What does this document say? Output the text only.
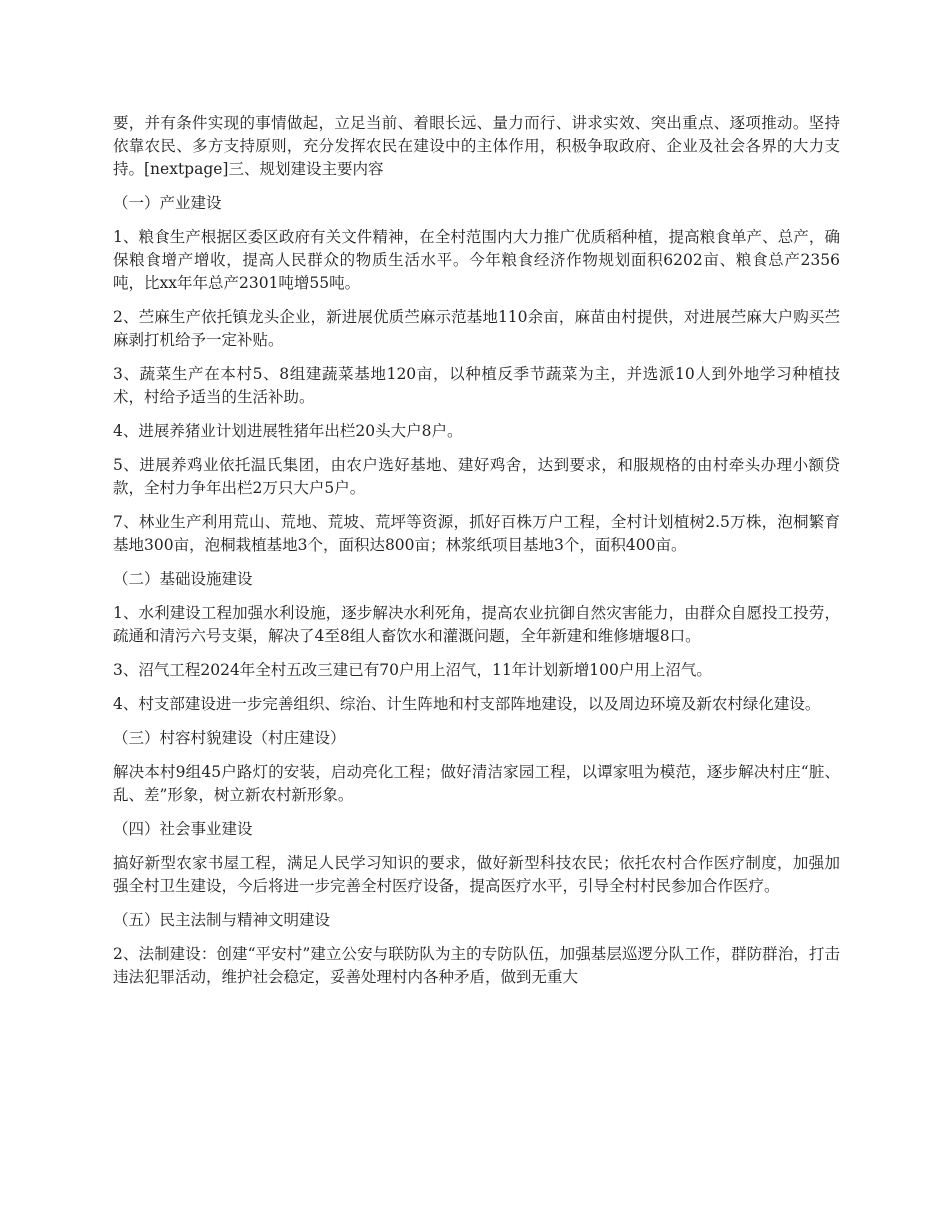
要，并有条件实现的事情做起，立足当前、着眼长远、量力而行、讲求实效、突出重点、逐项推动。坚持依靠农民、多方支持原则，充分发挥农民在建设中的主体作用，积极争取政府、企业及社会各界的大力支持。[nextpage]三、规划建设主要内容

（一）产业建设

1、粮食生产根据区委区政府有关文件精神，在全村范围内大力推广优质稻种植，提高粮食单产、总产，确保粮食增产增收，提高人民群众的物质生活水平。今年粮食经济作物规划面积6202亩、粮食总产2356吨，比xx年年总产2301吨增55吨。

2、苎麻生产依托镇龙头企业，新进展优质苎麻示范基地110余亩，麻苗由村提供，对进展苎麻大户购买苎麻剥打机给予一定补贴。

3、蔬菜生产在本村5、8组建蔬菜基地120亩，以种植反季节蔬菜为主，并选派10人到外地学习种植技术，村给予适当的生活补助。

4、进展养猪业计划进展牲猪年出栏20头大户8户。

5、进展养鸡业依托温氏集团，由农户选好基地、建好鸡舍，达到要求，和服规格的由村牵头办理小额贷款，全村力争年出栏2万只大户5户。

7、林业生产利用荒山、荒地、荒坡、荒坪等资源，抓好百株万户工程，全村计划植树2.5万株，泡桐繁育基地300亩，泡桐栽植基地3个，面积达800亩；林浆纸项目基地3个，面积400亩。

（二）基础设施建设

1、水利建设工程加强水利设施，逐步解决水利死角，提高农业抗御自然灾害能力，由群众自愿投工投劳，疏通和清污六号支渠，解决了4至8组人畜饮水和灌溉问题，全年新建和维修塘堰8口。

3、沼气工程2024年全村五改三建已有70户用上沼气，11年计划新增100户用上沼气。

4、村支部建设进一步完善组织、综治、计生阵地和村支部阵地建设，以及周边环境及新农村绿化建设。

（三）村容村貌建设（村庄建设）

解决本村9组45户路灯的安装，启动亮化工程；做好清洁家园工程，以谭家咀为模范，逐步解决村庄“脏、乱、差”形象，树立新农村新形象。

（四）社会事业建设

搞好新型农家书屋工程，满足人民学习知识的要求，做好新型科技农民；依托农村合作医疗制度，加强加强全村卫生建设，今后将进一步完善全村医疗设备，提高医疗水平，引导全村村民参加合作医疗。

（五）民主法制与精神文明建设

2、法制建设：创建“平安村”建立公安与联防队为主的专防队伍，加强基层巡逻分队工作，群防群治，打击违法犯罪活动，维护社会稳定，妥善处理村内各种矛盾，做到无重大
